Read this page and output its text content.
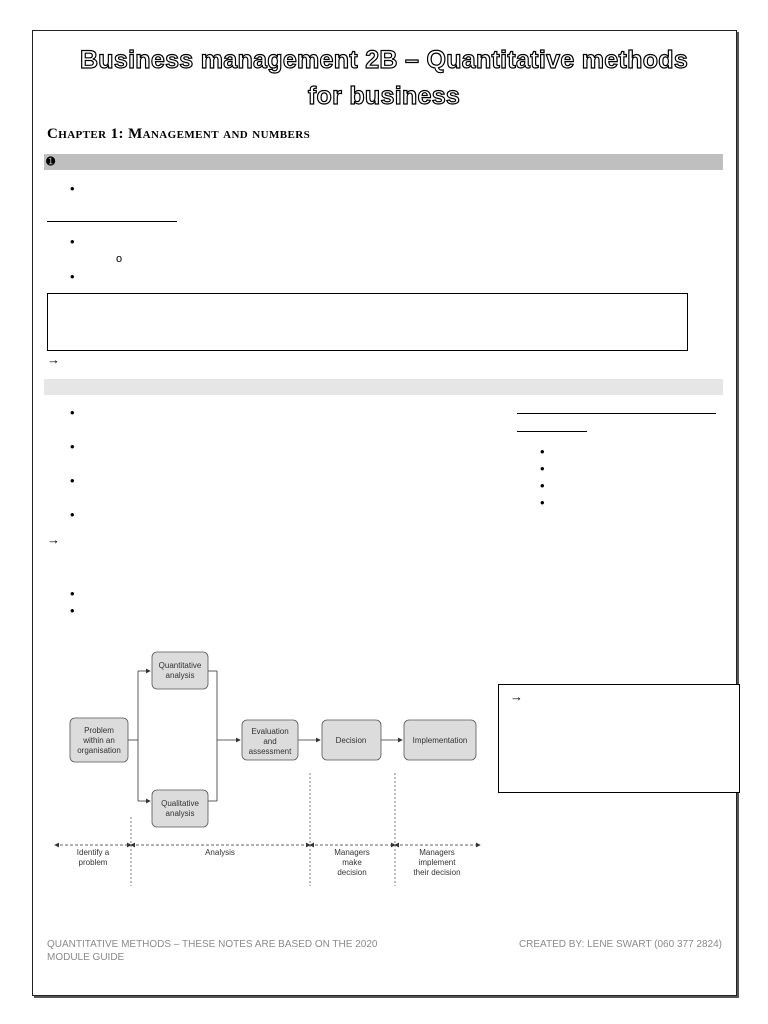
Business management 2B – Quantitative methods
for business
Chapter 1: Management and numbers
➊
•
•
o
•
→
•
•
•
•
→
•
•
•
•
•
•
→
Quantitative analysis
Qualitative analysis
Problem within an organisation
Evaluation and assessment
Decision	Implementation
Identify a problem
Analysis	Managers make decision
Managers implement their decision
QUANTITATIVE METHODS – THESE NOTES ARE BASED ON THE 2020
MODULE GUIDE
CREATED BY: LENE SWART (060 377 2824)
